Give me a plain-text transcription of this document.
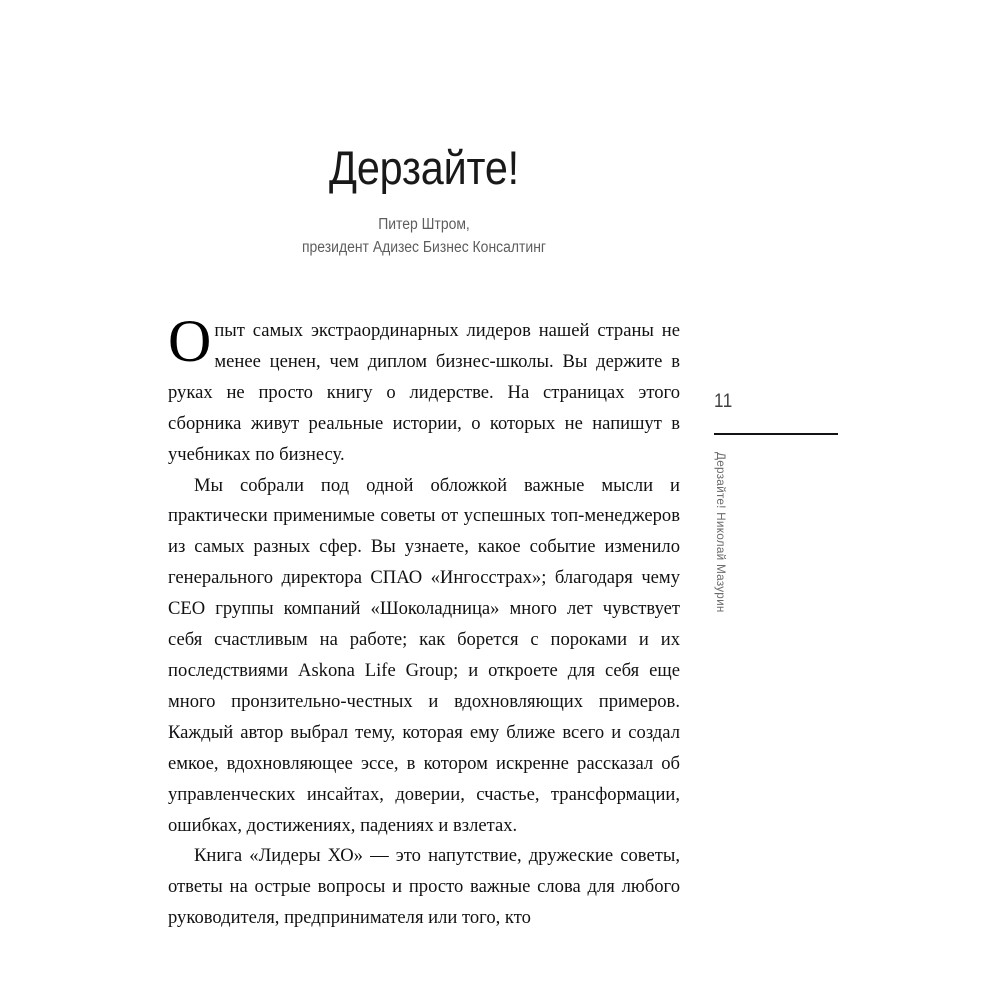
Дерзайте!
Питер Штром,
президент Адизес Бизнес Консалтинг

Опыт самых экстраординарных лидеров нашей страны не менее ценен, чем диплом бизнес-школы. Вы держите в руках не просто книгу о лидерстве. На страницах этого сборника живут реальные истории, о которых не напишут в учебниках по бизнесу.

Мы собрали под одной обложкой важные мысли и практически применимые советы от успешных топ-менеджеров из самых разных сфер. Вы узнаете, какое событие изменило генерального директора СПАО «Ингосстрах»; благодаря чему CEO группы компаний «Шоколадница» много лет чувствует себя счастливым на работе; как борется с пороками и их последствиями Askona Life Group; и откроете для себя еще много пронзительно-честных и вдохновляющих примеров. Каждый автор выбрал тему, которая ему ближе всего и создал емкое, вдохновляющее эссе, в котором искренне рассказал об управленческих инсайтах, доверии, счастье, трансформации, ошибках, достижениях, падениях и взлетах.

Книга «Лидеры ХО» — это напутствие, дружеские советы, ответы на острые вопросы и просто важные слова для любого руководителя, предпринимателя или того, кто

11
Дерзайте! Николай Мазурин
